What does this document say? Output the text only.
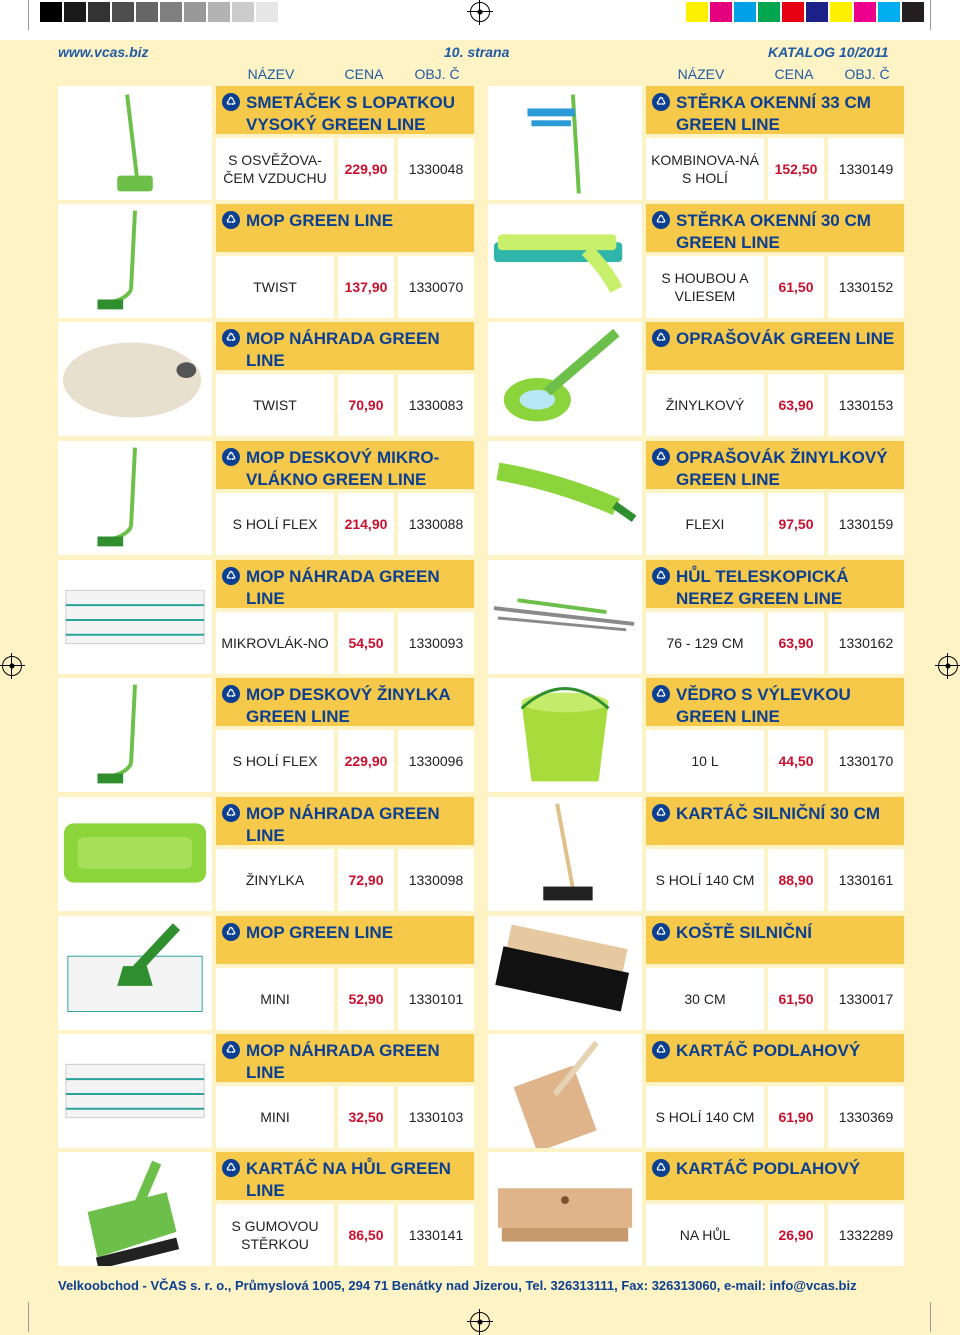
www.vcas.biz	10. strana	KATALOG 10/2011
NÁZEV	CENA	OBJ. Č	NÁZEV	CENA	OBJ. Č
♺ SMETÁČEK S LOPATKOU VYSOKÝ GREEN LINE
S OSVĚŽOVA-ČEM VZDUCHU
229,90	1330048
♺ MOP GREEN LINE
TWIST	137,90	1330070
♺ MOP NÁHRADA GREEN LINE
TWIST	70,90	1330083
♺ MOP DESKOVÝ MIKRO-VLÁKNO GREEN LINE
S HOLÍ FLEX	214,90	1330088
♺ MOP NÁHRADA GREEN LINE
MIKROVLÁK-NO	54,50	1330093
♺ MOP DESKOVÝ ŽINYLKA GREEN LINE
S HOLÍ FLEX	229,90	1330096
♺ MOP NÁHRADA GREEN LINE
ŽINYLKA	72,90	1330098
♺ MOP GREEN LINE
MINI	52,90	1330101
♺ MOP NÁHRADA GREEN LINE
MINI	32,50	1330103
♺ KARTÁČ NA HŮL GREEN LINE
S GUMOVOU STĚRKOU
86,50	1330141
♺ STĚRKA OKENNÍ 33 CM GREEN LINE
KOMBINOVA-NÁ S HOLÍ
152,50	1330149
♺ STĚRKA OKENNÍ 30 CM GREEN LINE
S HOUBOU A VLIESEM
61,50	1330152
♺ OPRAŠOVÁK GREEN LINE
ŽINYLKOVÝ	63,90	1330153
♺ OPRAŠOVÁK ŽINYLKOVÝ GREEN LINE
FLEXI	97,50	1330159
♺ HŮL TELESKOPICKÁ NEREZ GREEN LINE
76 - 129 CM	63,90	1330162
♺ VĚDRO S VÝLEVKOU GREEN LINE
10 L	44,50	1330170
♺ KARTÁČ SILNIČNÍ 30 CM
S HOLÍ 140 CM	88,90	1330161
♺ KOŠTĚ SILNIČNÍ
30 CM	61,50	1330017
♺ KARTÁČ PODLAHOVÝ
S HOLÍ 140 CM	61,90	1330369
♺ KARTÁČ PODLAHOVÝ
NA HŮL	26,90	1332289
Velkoobchod - VČAS s. r. o., Průmyslová 1005, 294 71 Benátky nad Jizerou, Tel. 326313111, Fax: 326313060, e-mail: info@vcas.biz
